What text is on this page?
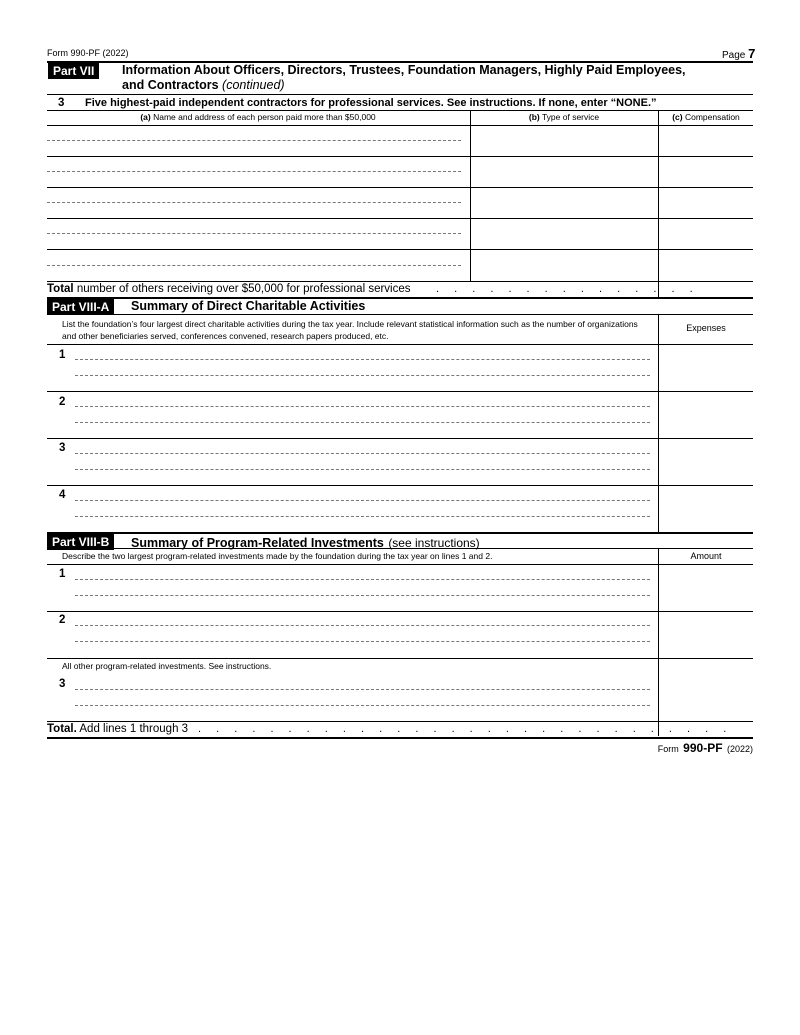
Form 990-PF (2022)	Page 7
Part VII	Information About Officers, Directors, Trustees, Foundation Managers, Highly Paid Employees,
and Contractors (continued)
3 Five highest-paid independent contractors for professional services. See instructions. If none, enter “NONE.”
(a) Name and address of each person paid more than $50,000	(b) Type of service	(c) Compensation
Total number of others receiving over $50,000 for professional services . . . . . . . . . . . . . . .
Part VIII-A	Summary of Direct Charitable Activities
List the foundation’s four largest direct charitable activities during the tax year. Include relevant statistical information such as the number of organizations and other beneficiaries served, conferences convened, research papers produced, etc.
Expenses
1
2
3
4
Part VIII-B	Summary of Program-Related Investments (see instructions)
Describe the two largest program-related investments made by the foundation during the tax year on lines 1 and 2.	Amount
1
2
All other program-related investments. See instructions.
3
Total. Add lines 1 through 3 . . . . . . . . . . . . . . . . . . . . . . . . . . . . . .
Form 990-PF (2022)
